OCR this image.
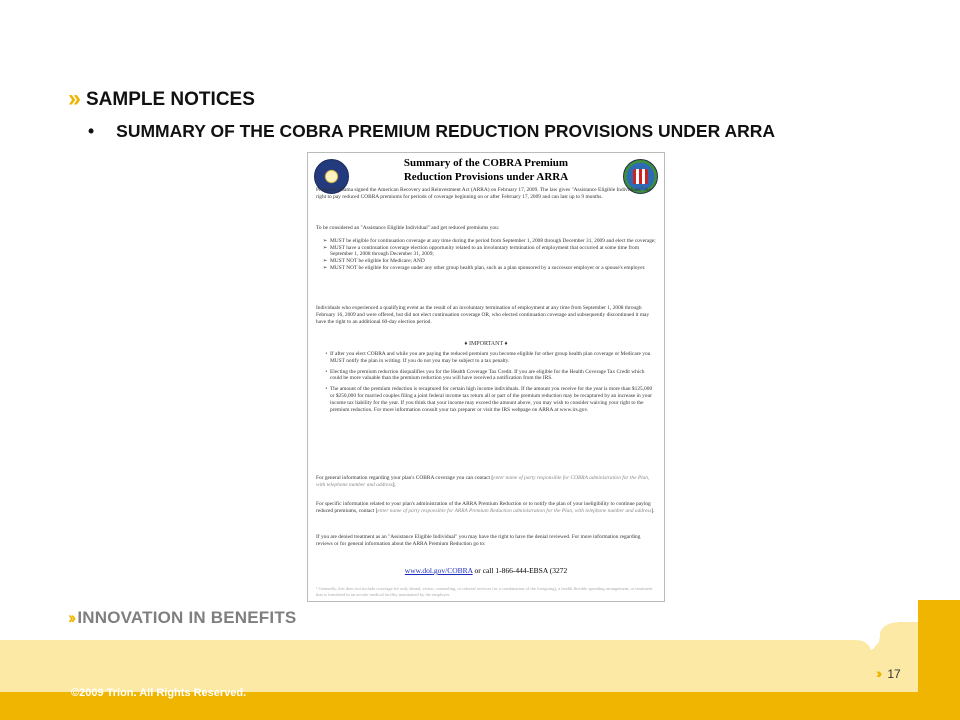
›› SAMPLE NOTICES
• SUMMARY OF THE COBRA PREMIUM REDUCTION PROVISIONS UNDER ARRA
Summary of the COBRA Premium
Reduction Provisions under ARRA

President Obama signed the American Recovery and Reinvestment Act (ARRA) on February 17, 2009. The law gives "Assistance Eligible Individuals" the right to pay reduced COBRA premiums for periods of coverage beginning on or after February 17, 2009 and can last up to 9 months.

To be considered an "Assistance Eligible Individual" and get reduced premiums you:

➢ MUST be eligible for continuation coverage at any time during the period from September 1, 2008 through December 31, 2009 and elect the coverage;
➢ MUST have a continuation coverage election opportunity related to an involuntary termination of employment that occurred at some time from September 1, 2008 through December 31, 2009;
➢ MUST NOT be eligible for Medicare; AND
➢ MUST NOT be eligible for coverage under any other group health plan, such as a plan sponsored by a successor employer or a spouse's employer.

Individuals who experienced a qualifying event as the result of an involuntary termination of employment at any time from September 1, 2008 through February 16, 2009 and were offered, but did not elect continuation coverage OR, who elected continuation coverage and subsequently discontinued it may have the right to an additional 60-day election period.

♦ IMPORTANT ♦
• If after you elect COBRA and while you are paying the reduced premium you become eligible for other group health plan coverage or Medicare you MUST notify the plan in writing. If you do not you may be subject to a tax penalty.
• Electing the premium reduction disqualifies you for the Health Coverage Tax Credit. If you are eligible for the Health Coverage Tax Credit which could be more valuable than the premium reduction you will have received a notification from the IRS.
• The amount of the premium reduction is recaptured for certain high income individuals. If the amount you receive for the year is more than $125,000 or $250,000 for married couples filing a joint federal income tax return all or part of the premium reduction may be recaptured by an increase in your income tax liability for the year. If you think that your income may exceed the amount above, you may wish to consider waiving your right to the premium reduction. For more information consult your tax preparer or visit the IRS webpage on ARRA at www.irs.gov.

For general information regarding your plan's COBRA coverage you can contact [enter name of party responsible for COBRA administration for the Plan, with telephone number and address].

For specific information related to your plan's administration of the ARRA Premium Reduction or to notify the plan of your ineligibility to continue paying reduced premiums, contact [enter name of party responsible for ARRA Premium Reduction administration for the Plan, with telephone number and address].

If you are denied treatment as an "Assistance Eligible Individual" you may have the right to have the denial reviewed. For more information regarding reviews or for general information about the ARRA Premium Reduction go to:

www.dol.gov/COBRA or call 1-866-444-EBSA (3272
¹ Generally, this does not include coverage for only dental, vision, counseling, or referral services (or a combination of the foregoing), a health flexible spending arrangement, or treatment that is furnished in an on-site medical facility maintained by the employer.
›› INNOVATION IN BENEFITS
©2009 Trion. All Rights Reserved.
›› 17
